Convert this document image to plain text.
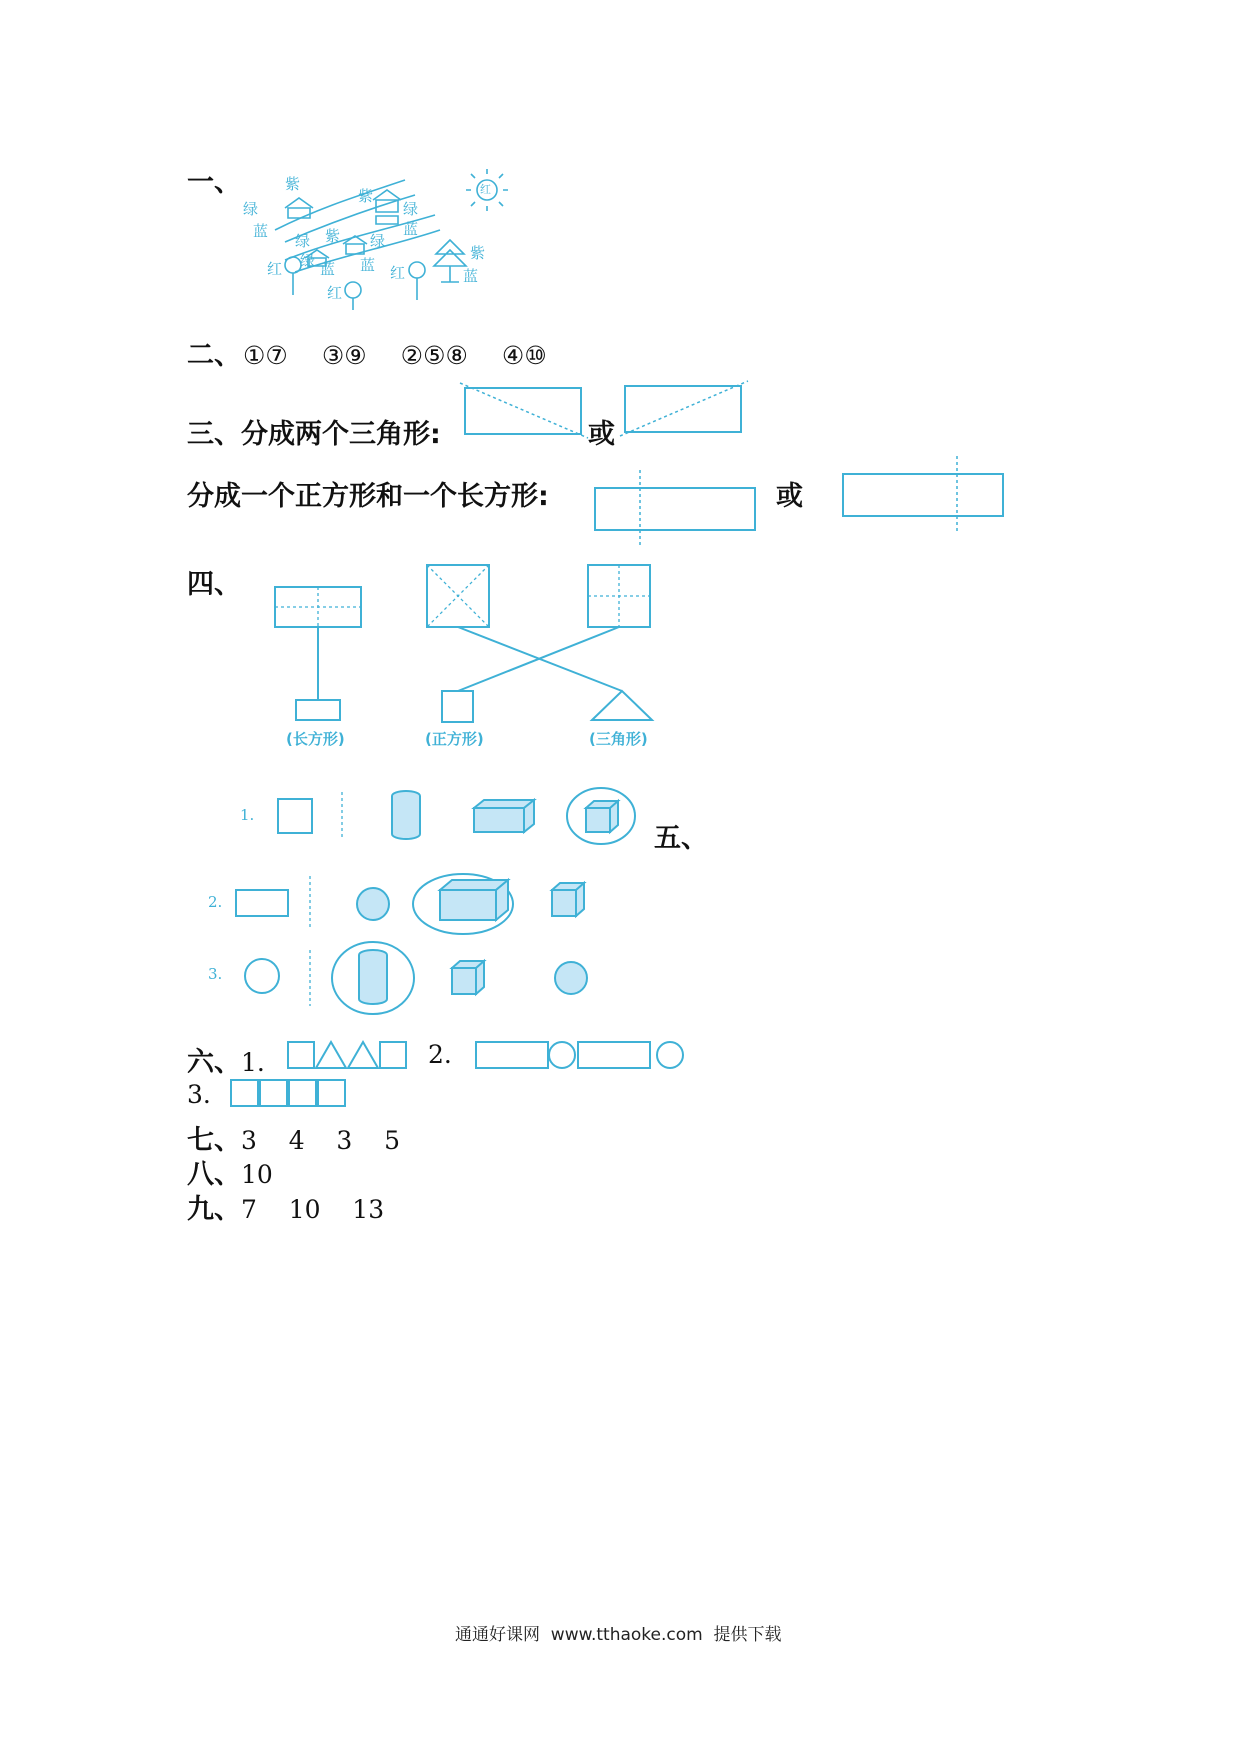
一、	紫
绿
蓝
紫
绿
蓝
绿 紫 绿
蓝
绿	蓝
红
红
红
紫
蓝
红
二、①⑦ ③⑨ ②⑤⑧ ④⑩
三、分成两个三角形:	或
分成一个正方形和一个长方形:	或
四、
(长方形)	(正方形)	(三角形)
1.
五、
2.
3.
六、1.	2.
3.
七、3    4    3    5
八、10
九、7    10    13
通通好课网  www.tthaoke.com  提供下载
